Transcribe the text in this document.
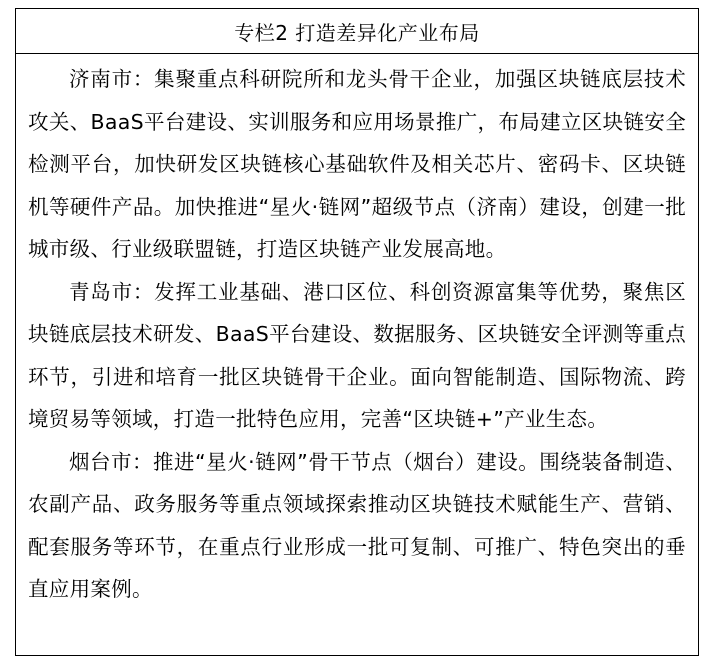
专栏2 打造差异化产业布局

济南市：集聚重点科研院所和龙头骨干企业，加强区块链底层技术攻关、BaaS平台建设、实训服务和应用场景推广，布局建立区块链安全检测平台，加快研发区块链核心基础软件及相关芯片、密码卡、区块链机等硬件产品。加快推进“星火·链网”超级节点（济南）建设，创建一批城市级、行业级联盟链，打造区块链产业发展高地。

青岛市：发挥工业基础、港口区位、科创资源富集等优势，聚焦区块链底层技术研发、BaaS平台建设、数据服务、区块链安全评测等重点环节，引进和培育一批区块链骨干企业。面向智能制造、国际物流、跨境贸易等领域，打造一批特色应用，完善“区块链+”产业生态。

烟台市：推进“星火·链网”骨干节点（烟台）建设。围绕装备制造、农副产品、政务服务等重点领域探索推动区块链技术赋能生产、营销、配套服务等环节，在重点行业形成一批可复制、可推广、特色突出的垂直应用案例。
